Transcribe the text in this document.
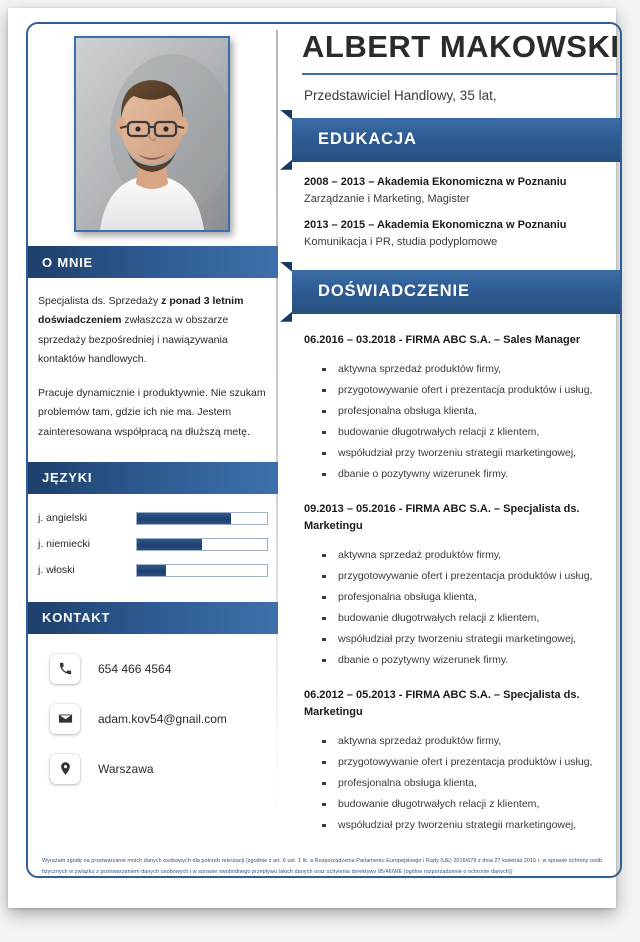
O MNIE

Specjalista ds. Sprzedaży z ponad 3 letnim doświadczeniem zwłaszcza w obszarze sprzedaży bezpośredniej i nawiązywania kontaktów handlowych.

Pracuje dynamicznie i produktywnie. Nie szukam problemów tam, gdzie ich nie ma. Jestem zainteresowana współpracą na dłuższą metę.

JĘZYKI
j. angielski
j. niemiecki
j. włoski
KONTAKT
654 466 4564
adam.kov54@gnail.com
Warszawa
ALBERT MAKOWSKI
Przedstawiciel Handlowy, 35 lat,
EDUKACJA
2008 – 2013 – Akademia Ekonomiczna w Poznaniu
Zarządzanie i Marketing, Magister
2013 – 2015 – Akademia Ekonomiczna w Poznaniu
Komunikacja i PR, studia podyplomowe
DOŚWIADCZENIE
06.2016 – 03.2018 - FIRMA ABC S.A. – Sales Manager
aktywna sprzedaż produktów firmy,
przygotowywanie ofert i prezentacja produktów i usług,
profesjonalna obsługa klienta,
budowanie długotrwałych relacji z klientem,
współudział przy tworzeniu strategii marketingowej,
dbanie o pozytywny wizerunek firmy.
09.2013 – 05.2016 - FIRMA ABC S.A. – Specjalista ds. Marketingu
aktywna sprzedaż produktów firmy,
przygotowywanie ofert i prezentacja produktów i usług,
profesjonalna obsługa klienta,
budowanie długotrwałych relacji z klientem,
współudział przy tworzeniu strategii marketingowej,
dbanie o pozytywny wizerunek firmy.
06.2012 – 05.2013 - FIRMA ABC S.A. – Specjalista ds. Marketingu
aktywna sprzedaż produktów firmy,
przygotowywanie ofert i prezentacja produktów i usług,
profesjonalna obsługa klienta,
budowanie długotrwałych relacji z klientem,
współudział przy tworzeniu strategii marketingowej,
Wyrażam zgodę na przetwarzanie moich danych osobowych dla potrzeb rekrutacji (zgodnie z art. 6 ust. 1 lit. a Rozporządzenia Parlamentu Europejskiego i Rady (UE) 2016/679 z dnia 27 kwietnia 2016 r. w sprawie ochrony osób fizycznych w związku z przetwarzaniem danych osobowych i w sprawie swobodnego przepływu takich danych oraz uchylenia dyrektywy 95/46/WE (ogólne rozporządzenie o ochronie danych))
